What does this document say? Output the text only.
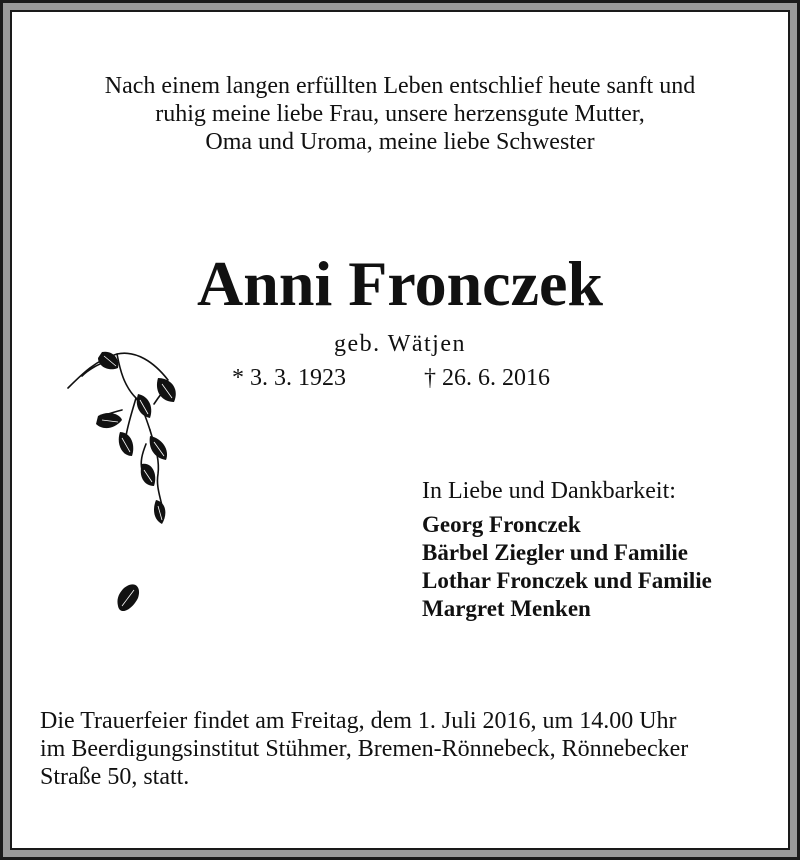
Nach einem langen erfüllten Leben entschlief heute sanft und
ruhig meine liebe Frau, unsere herzensgute Mutter,
Oma und Uroma, meine liebe Schwester
Anni Fronczek
geb. Wätjen
* 3. 3. 1923	† 26. 6. 2016
In Liebe und Dankbarkeit:
Georg Fronczek
Bärbel Ziegler und Familie
Lothar Fronczek und Familie
Margret Menken
Die Trauerfeier findet am Freitag, dem 1. Juli 2016, um 14.00 Uhr
im Beerdigungsinstitut Stühmer, Bremen-Rönnebeck, Rönnebecker
Straße 50, statt.
